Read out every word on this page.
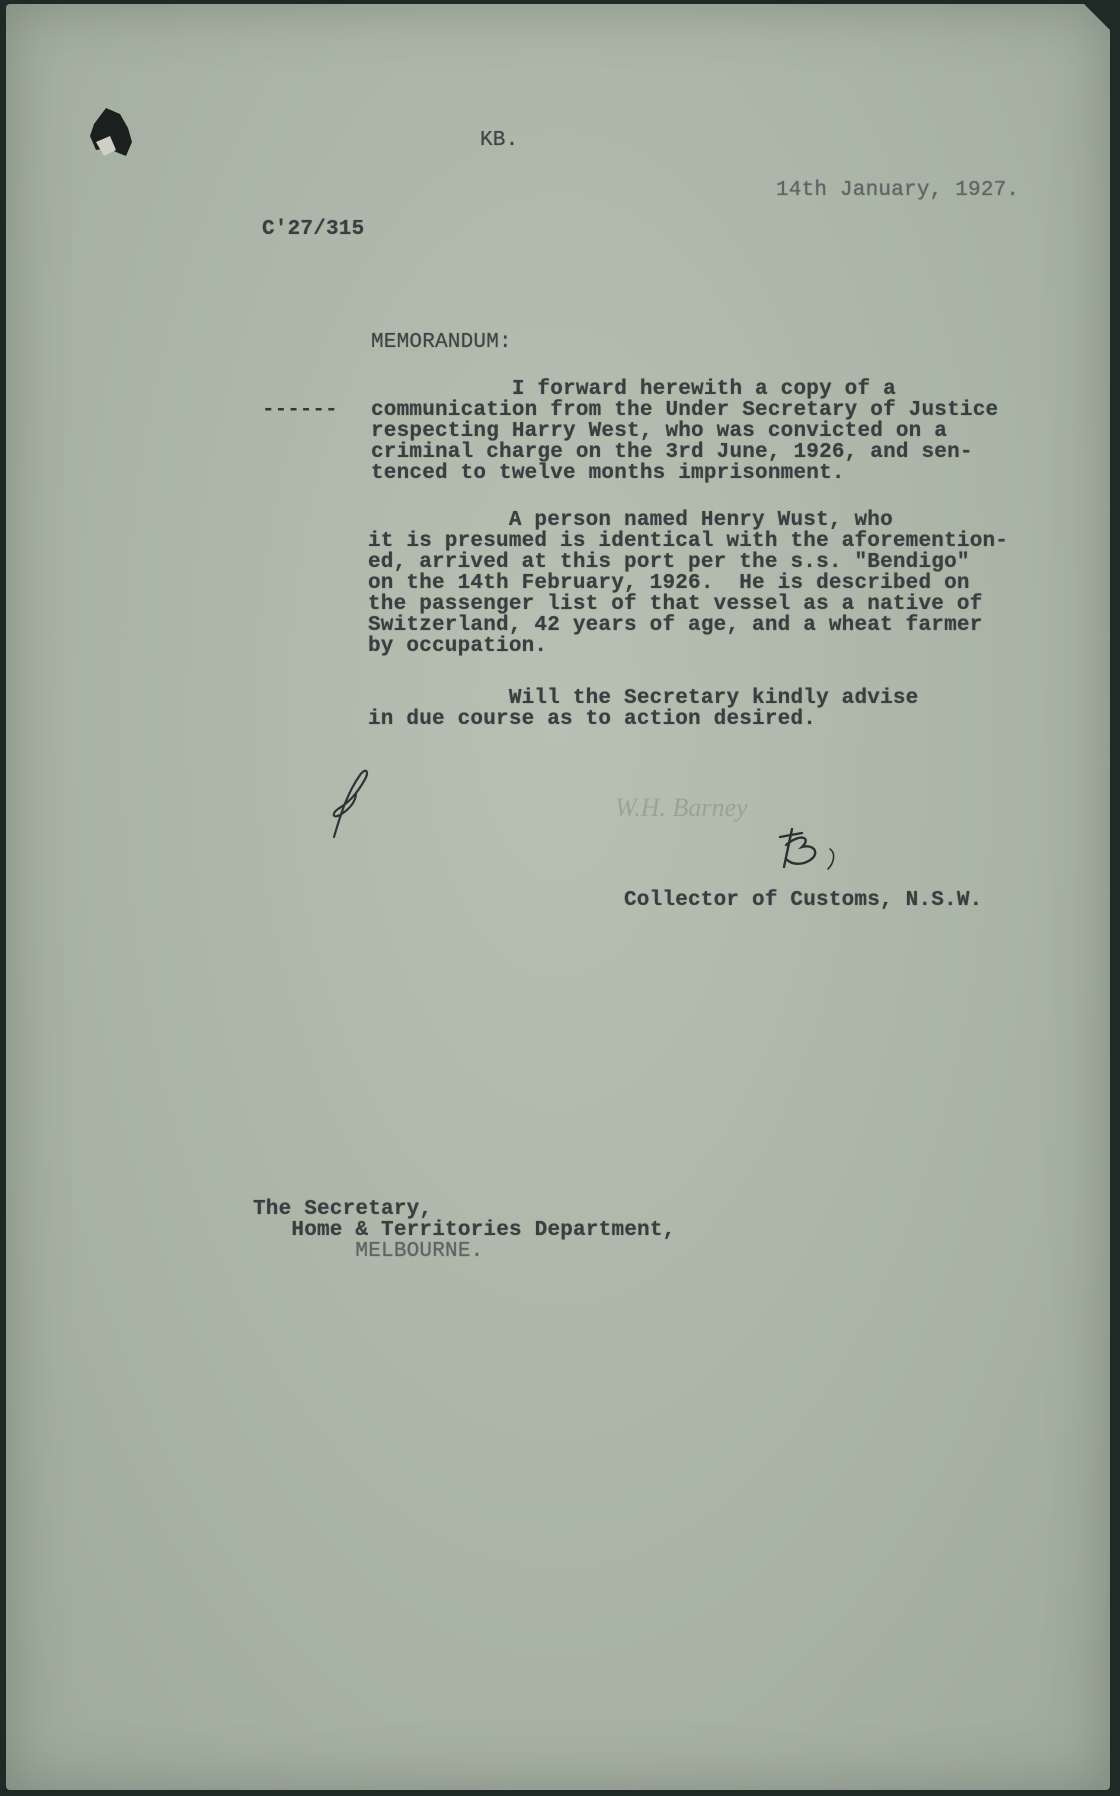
KB.
14th January, 1927.
C'27/315
MEMORANDUM:
------
I forward herewith a copy of a
communication from the Under Secretary of Justice
respecting Harry West, who was convicted on a
criminal charge on the 3rd June, 1926, and sen-
tenced to twelve months imprisonment.
A person named Henry Wust, who
it is presumed is identical with the aforemention-
ed, arrived at this port per the s.s. "Bendigo"
on the 14th February, 1926.  He is described on
the passenger list of that vessel as a native of
Switzerland, 42 years of age, and a wheat farmer
by occupation.
Will the Secretary kindly advise
in due course as to action desired.
W.H. Barney
Collector of Customs, N.S.W.
The Secretary,
Home & Territories Department,
MELBOURNE.
